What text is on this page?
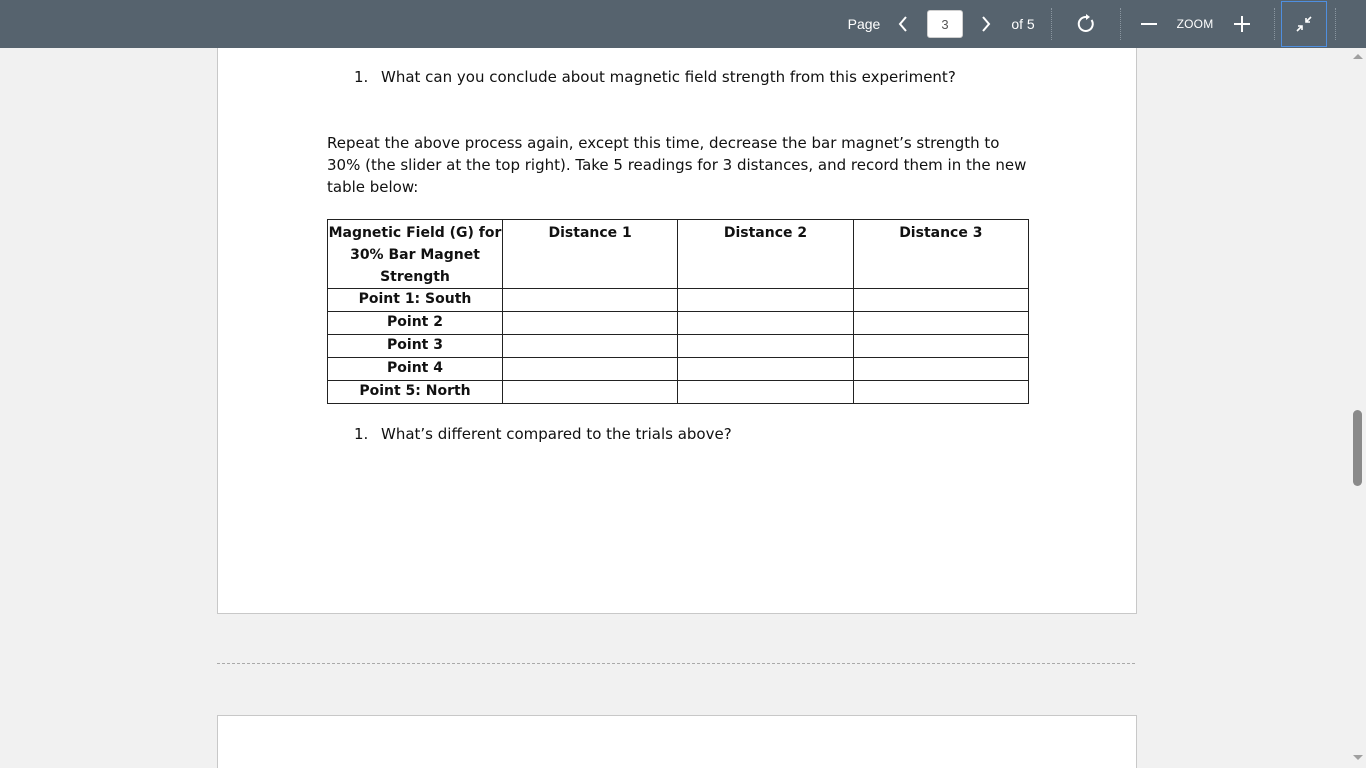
Page	3	of 5	ZOOM
1. What can you conclude about magnetic field strength from this experiment?
Repeat the above process again, except this time, decrease the bar magnet’s strength to 30% (the slider at the top right). Take 5 readings for 3 distances, and record them in the new table below:
Magnetic Field (G) for 30% Bar Magnet Strength	Distance 1	Distance 2	Distance 3
Point 1: South			
Point 2			
Point 3			
Point 4			
Point 5: North			
1. What’s different compared to the trials above?
